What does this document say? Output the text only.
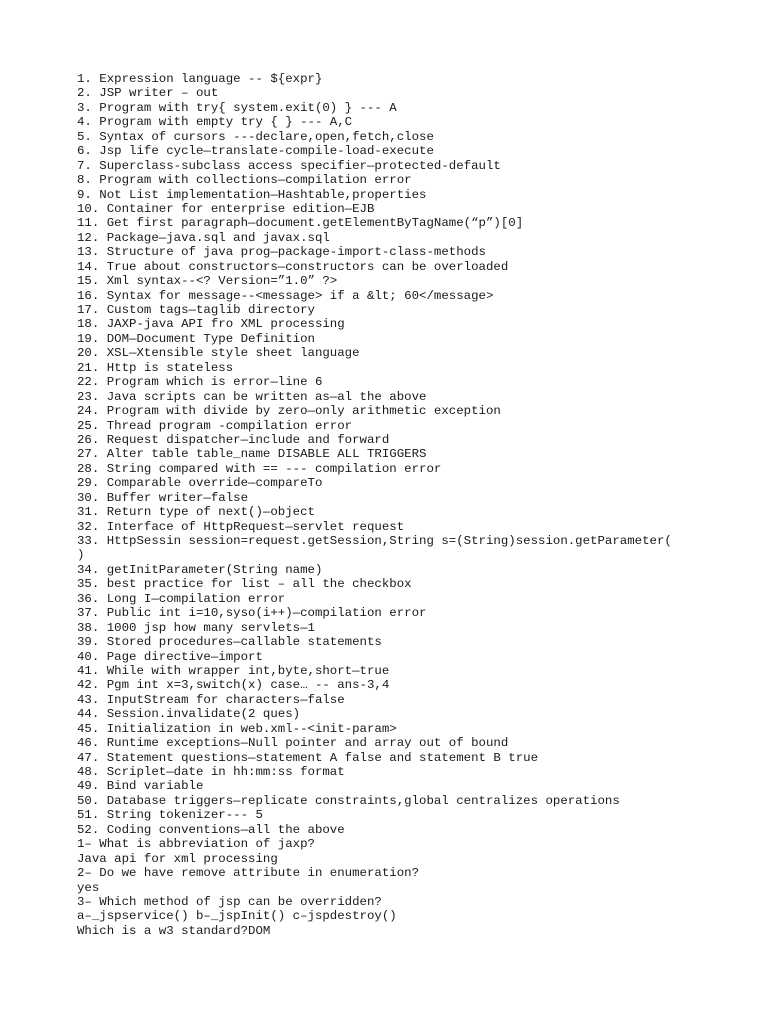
1. Expression language -- ${expr}
2. JSP writer – out
3. Program with try{ system.exit(0) } --- A
4. Program with empty try { } --- A,C
5. Syntax of cursors ---declare,open,fetch,close
6. Jsp life cycle—translate-compile-load-execute
7. Superclass-subclass access specifier—protected-default
8. Program with collections—compilation error
9. Not List implementation—Hashtable,properties
10. Container for enterprise edition—EJB
11. Get first paragraph—document.getElementByTagName(“p”)[0]
12. Package—java.sql and javax.sql
13. Structure of java prog—package-import-class-methods
14. True about constructors—constructors can be overloaded
15. Xml syntax--<? Version=”1.0” ?>
16. Syntax for message--<message> if a &lt; 60</message>
17. Custom tags—taglib directory
18. JAXP-java API fro XML processing
19. DOM—Document Type Definition
20. XSL—Xtensible style sheet language
21. Http is stateless
22. Program which is error—line 6
23. Java scripts can be written as—al the above
24. Program with divide by zero—only arithmetic exception
25. Thread program -compilation error
26. Request dispatcher—include and forward
27. Alter table table_name DISABLE ALL TRIGGERS
28. String compared with == --- compilation error
29. Comparable override—compareTo
30. Buffer writer—false
31. Return type of next()—object
32. Interface of HttpRequest—servlet request
33. HttpSessin session=request.getSession,String s=(String)session.getParameter(
)
34. getInitParameter(String name)
35. best practice for list – all the checkbox
36. Long I—compilation error
37. Public int i=10,syso(i++)—compilation error
38. 1000 jsp how many servlets—1
39. Stored procedures—callable statements
40. Page directive—import
41. While with wrapper int,byte,short—true
42. Pgm int x=3,switch(x) case… -- ans-3,4
43. InputStream for characters—false
44. Session.invalidate(2 ques)
45. Initialization in web.xml--<init-param>
46. Runtime exceptions—Null pointer and array out of bound
47. Statement questions—statement A false and statement B true
48. Scriplet—date in hh:mm:ss format
49. Bind variable
50. Database triggers—replicate constraints,global centralizes operations
51. String tokenizer--- 5
52. Coding conventions—all the above
1– What is abbreviation of jaxp?
Java api for xml processing
2– Do we have remove attribute in enumeration?
yes
3– Which method of jsp can be overridden?
a–_jspservice() b–_jspInit() c–jspdestroy()
Which is a w3 standard?DOM
